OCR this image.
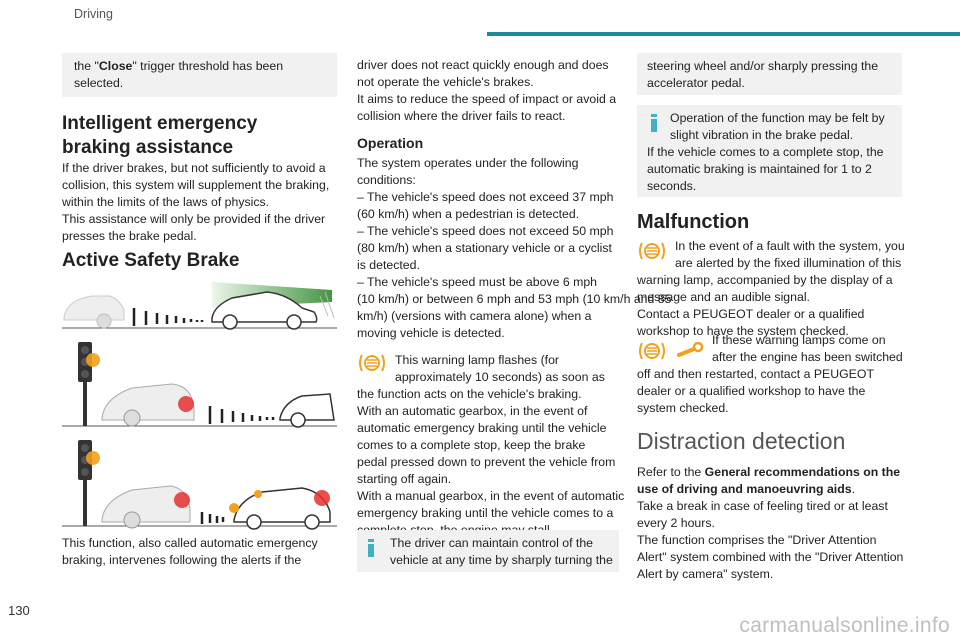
Driving
the "Close" trigger threshold has been
selected.
Intelligent emergency
braking assistance
If the driver brakes, but not sufficiently to avoid a
collision, this system will supplement the braking,
within the limits of the laws of physics.
This assistance will only be provided if the driver
presses the brake pedal.
Active Safety Brake
This function, also called automatic emergency
braking, intervenes following the alerts if the
driver does not react quickly enough and does
not operate the vehicle's brakes.
It aims to reduce the speed of impact or avoid a
collision where the driver fails to react.
Operation
The system operates under the following
conditions:
– The vehicle's speed does not exceed 37 mph
(60 km/h) when a pedestrian is detected.
– The vehicle's speed does not exceed 50 mph
(80 km/h) when a stationary vehicle or a cyclist
is detected.
– The vehicle's speed must be above 6 mph
(10 km/h) or between 6 mph and 53 mph (10 km/h and 85
km/h) (versions with camera alone) when a
moving vehicle is detected.
This warning lamp flashes (for
approximately 10 seconds) as soon as
the function acts on the vehicle's braking.
With an automatic gearbox, in the event of
automatic emergency braking until the vehicle
comes to a complete stop, keep the brake
pedal pressed down to prevent the vehicle from
starting off again.
With a manual gearbox, in the event of automatic
emergency braking until the vehicle comes to a
The driver can maintain control of the
vehicle at any time by sharply turning the
steering wheel and/or sharply pressing the
accelerator pedal.
Operation of the function may be felt by
slight vibration in the brake pedal.
If the vehicle comes to a complete stop, the
automatic braking is maintained for 1 to 2
seconds.
Malfunction
In the event of a fault with the system, you
are alerted by the fixed illumination of this
warning lamp, accompanied by the display of a
message and an audible signal.
Contact a PEUGEOT dealer or a qualified
workshop to have the system checked.
If these warning lamps come on
after the engine has been switched
off and then restarted, contact a PEUGEOT
dealer or a qualified workshop to have the
system checked.
Distraction detection
Refer to the General recommendations on the
use of driving and manoeuvring aids.
Take a break in case of feeling tired or at least
every 2 hours.
The function comprises the "Driver Attention
Alert" system combined with the "Driver Attention
Alert by camera" system.
130
carmanualsonline.info
